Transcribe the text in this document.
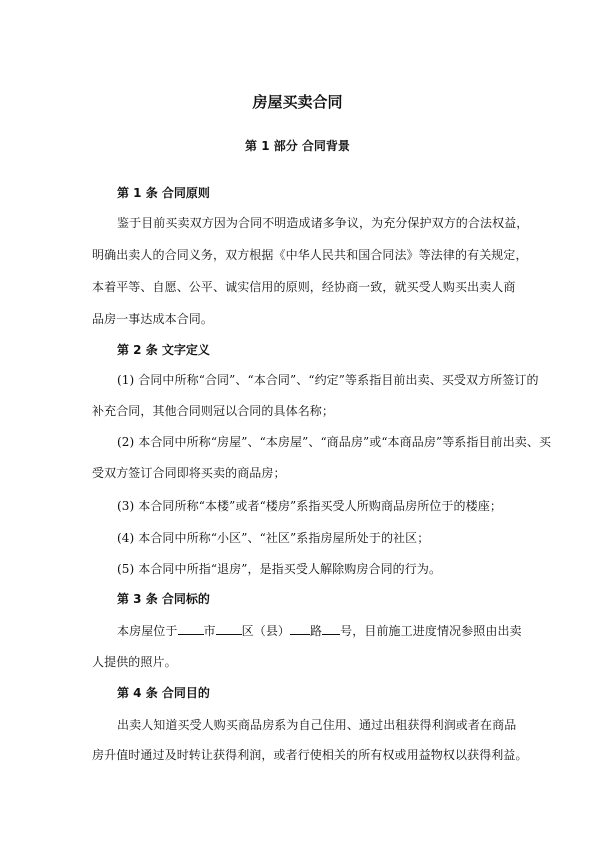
房屋买卖合同
第 1 部分 合同背景
第 1 条 合同原则
鉴于目前买卖双方因为合同不明造成诸多争议，为充分保护双方的合法权益，
明确出卖人的合同义务，双方根据《中华人民共和国合同法》等法律的有关规定，
本着平等、自愿、公平、诚实信用的原则，经协商一致，就买受人购买出卖人商
品房一事达成本合同。
第 2 条 文字定义
(1) 合同中所称“合同”、“本合同”、“约定”等系指目前出卖、买受双方所签订的
补充合同，其他合同则冠以合同的具体名称；
(2) 本合同中所称“房屋”、“本房屋”、“商品房”或“本商品房”等系指目前出卖、买
受双方签订合同即将买卖的商品房；
(3) 本合同所称“本楼”或者“楼房”系指买受人所购商品房所位于的楼座；
(4) 本合同中所称“小区”、“社区”系指房屋所处于的社区；
(5) 本合同中所指“退房”，是指买受人解除购房合同的行为。
第 3 条 合同标的
本房屋位于 市 区（县） 路 号，目前施工进度情况参照由出卖
人提供的照片。
第 4 条 合同目的
出卖人知道买受人购买商品房系为自己住用、通过出租获得利润或者在商品
房升值时通过及时转让获得利润，或者行使相关的所有权或用益物权以获得利益。
